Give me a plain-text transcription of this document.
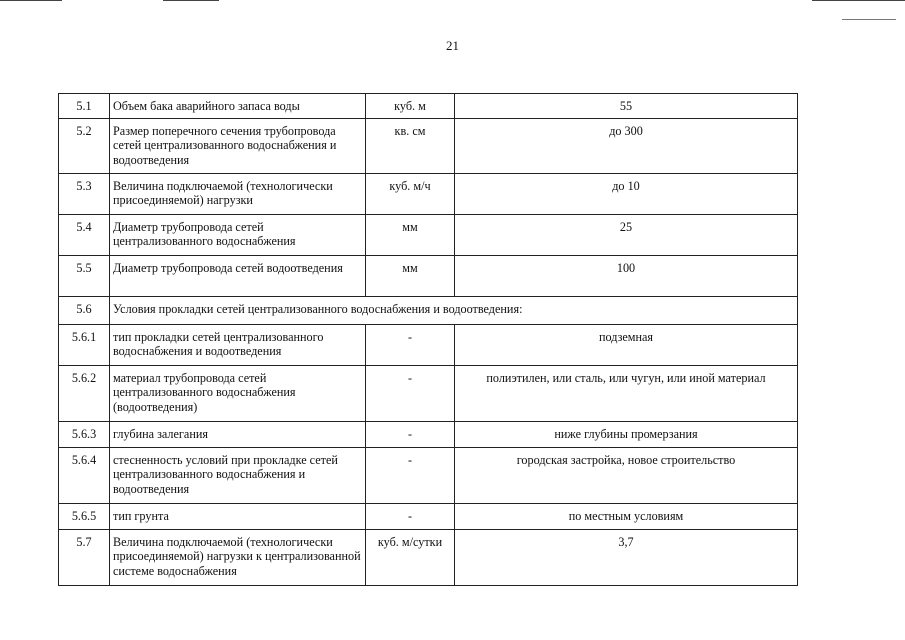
21
5.1	Объем бака аварийного запаса воды	куб. м	55
5.2	Размер поперечного сечения трубопровода сетей централизованного водоснабжения и водоотведения	кв. см	до 300
5.3	Величина подключаемой (технологически присоединяемой) нагрузки	куб. м/ч	до 10
5.4	Диаметр трубопровода сетей централизованного водоснабжения	мм	25
5.5	Диаметр трубопровода сетей водоотведения	мм	100
5.6	Условия прокладки сетей централизованного водоснабжения и водоотведения:		
5.6.1	тип прокладки сетей централизованного водоснабжения и водоотведения	-	подземная
5.6.2	материал трубопровода сетей централизованного водоснабжения (водоотведения)	-	полиэтилен, или сталь, или чугун, или иной материал
5.6.3	глубина залегания	-	ниже глубины промерзания
5.6.4	стесненность условий при прокладке сетей централизованного водоснабжения и водоотведения	-	городская застройка, новое строительство
5.6.5	тип грунта	-	по местным условиям
5.7	Величина подключаемой (технологически присоединяемой) нагрузки к централизованной системе водоснабжения	куб. м/сутки	3,7
